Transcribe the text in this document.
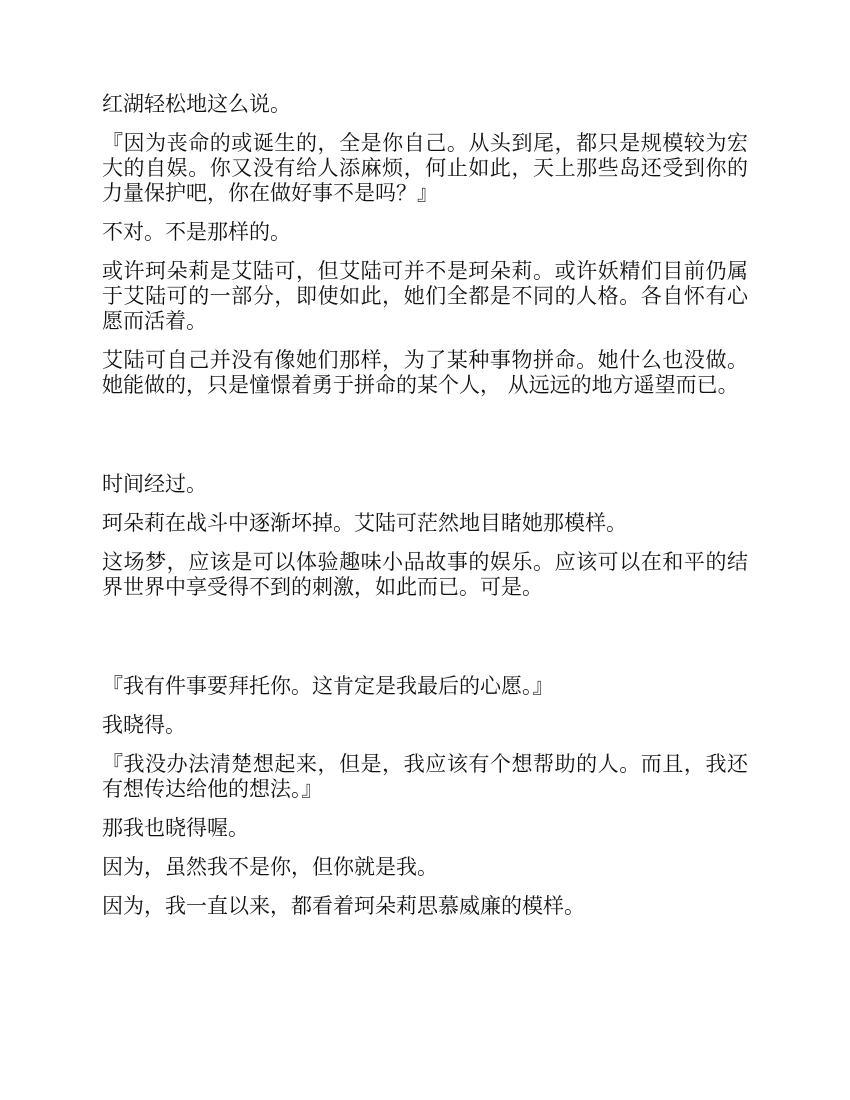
红湖轻松地这么说。

『因为丧命的或诞生的，全是你自己。从头到尾，都只是规模较为宏大的自娱。你又没有给人添麻烦，何止如此，天上那些岛还受到你的力量保护吧，你在做好事不是吗？』

不对。不是那样的。

或许珂朵莉是艾陆可，但艾陆可并不是珂朵莉。或许妖精们目前仍属于艾陆可的一部分，即使如此，她们全都是不同的人格。各自怀有心愿而活着。

艾陆可自己并没有像她们那样，为了某种事物拼命。她什么也没做。她能做的，只是憧憬着勇于拼命的某个人， 从远远的地方遥望而已。

时间经过。

珂朵莉在战斗中逐渐坏掉。艾陆可茫然地目睹她那模样。

这场梦，应该是可以体验趣味小品故事的娱乐。应该可以在和平的结界世界中享受得不到的刺激，如此而已。可是。

『我有件事要拜托你。这肯定是我最后的心愿。』

我晓得。

『我没办法清楚想起来，但是，我应该有个想帮助的人。而且，我还有想传达给他的想法。』

那我也晓得喔。

因为，虽然我不是你，但你就是我。

因为，我一直以来，都看着珂朵莉思慕威廉的模样。
